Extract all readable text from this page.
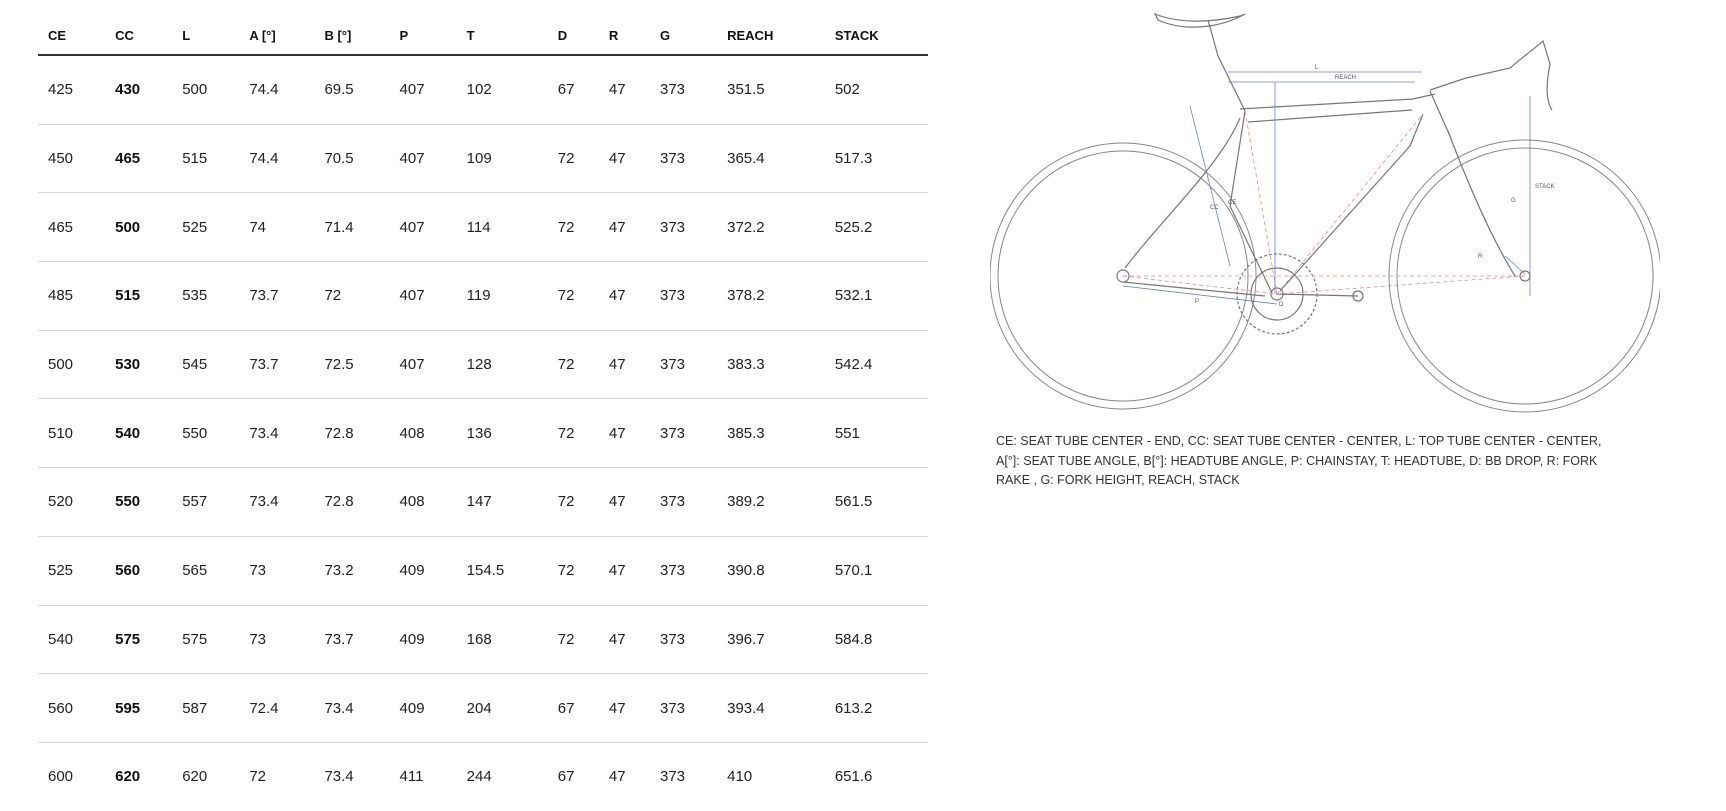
CE	CC	L	A [°]	B [°]	P	T	D	R	G	REACH	STACK
425	430	500	74.4	69.5	407	102	67	47	373	351.5	502
450	465	515	74.4	70.5	407	109	72	47	373	365.4	517.3
465	500	525	74	71.4	407	114	72	47	373	372.2	525.2
485	515	535	73.7	72	407	119	72	47	373	378.2	532.1
500	530	545	73.7	72.5	407	128	72	47	373	383.3	542.4
510	540	550	73.4	72.8	408	136	72	47	373	385.3	551
520	550	557	73.4	72.8	408	147	72	47	373	389.2	561.5
525	560	565	73	73.2	409	154.5	72	47	373	390.8	570.1
540	575	575	73	73.7	409	168	72	47	373	396.7	584.8
560	595	587	72.4	73.4	409	204	67	47	373	393.4	613.2
600	620	620	72	73.4	411	244	67	47	373	410	651.6
L
REACH
STACK
CC
CE
P
G
D
R
CE: SEAT TUBE CENTER - END, CC: SEAT TUBE CENTER - CENTER, L: TOP TUBE CENTER - CENTER, A[°]: SEAT TUBE ANGLE, B[°]: HEADTUBE ANGLE, P: CHAINSTAY, T: HEADTUBE, D: BB DROP, R: FORK RAKE , G: FORK HEIGHT, REACH, STACK
